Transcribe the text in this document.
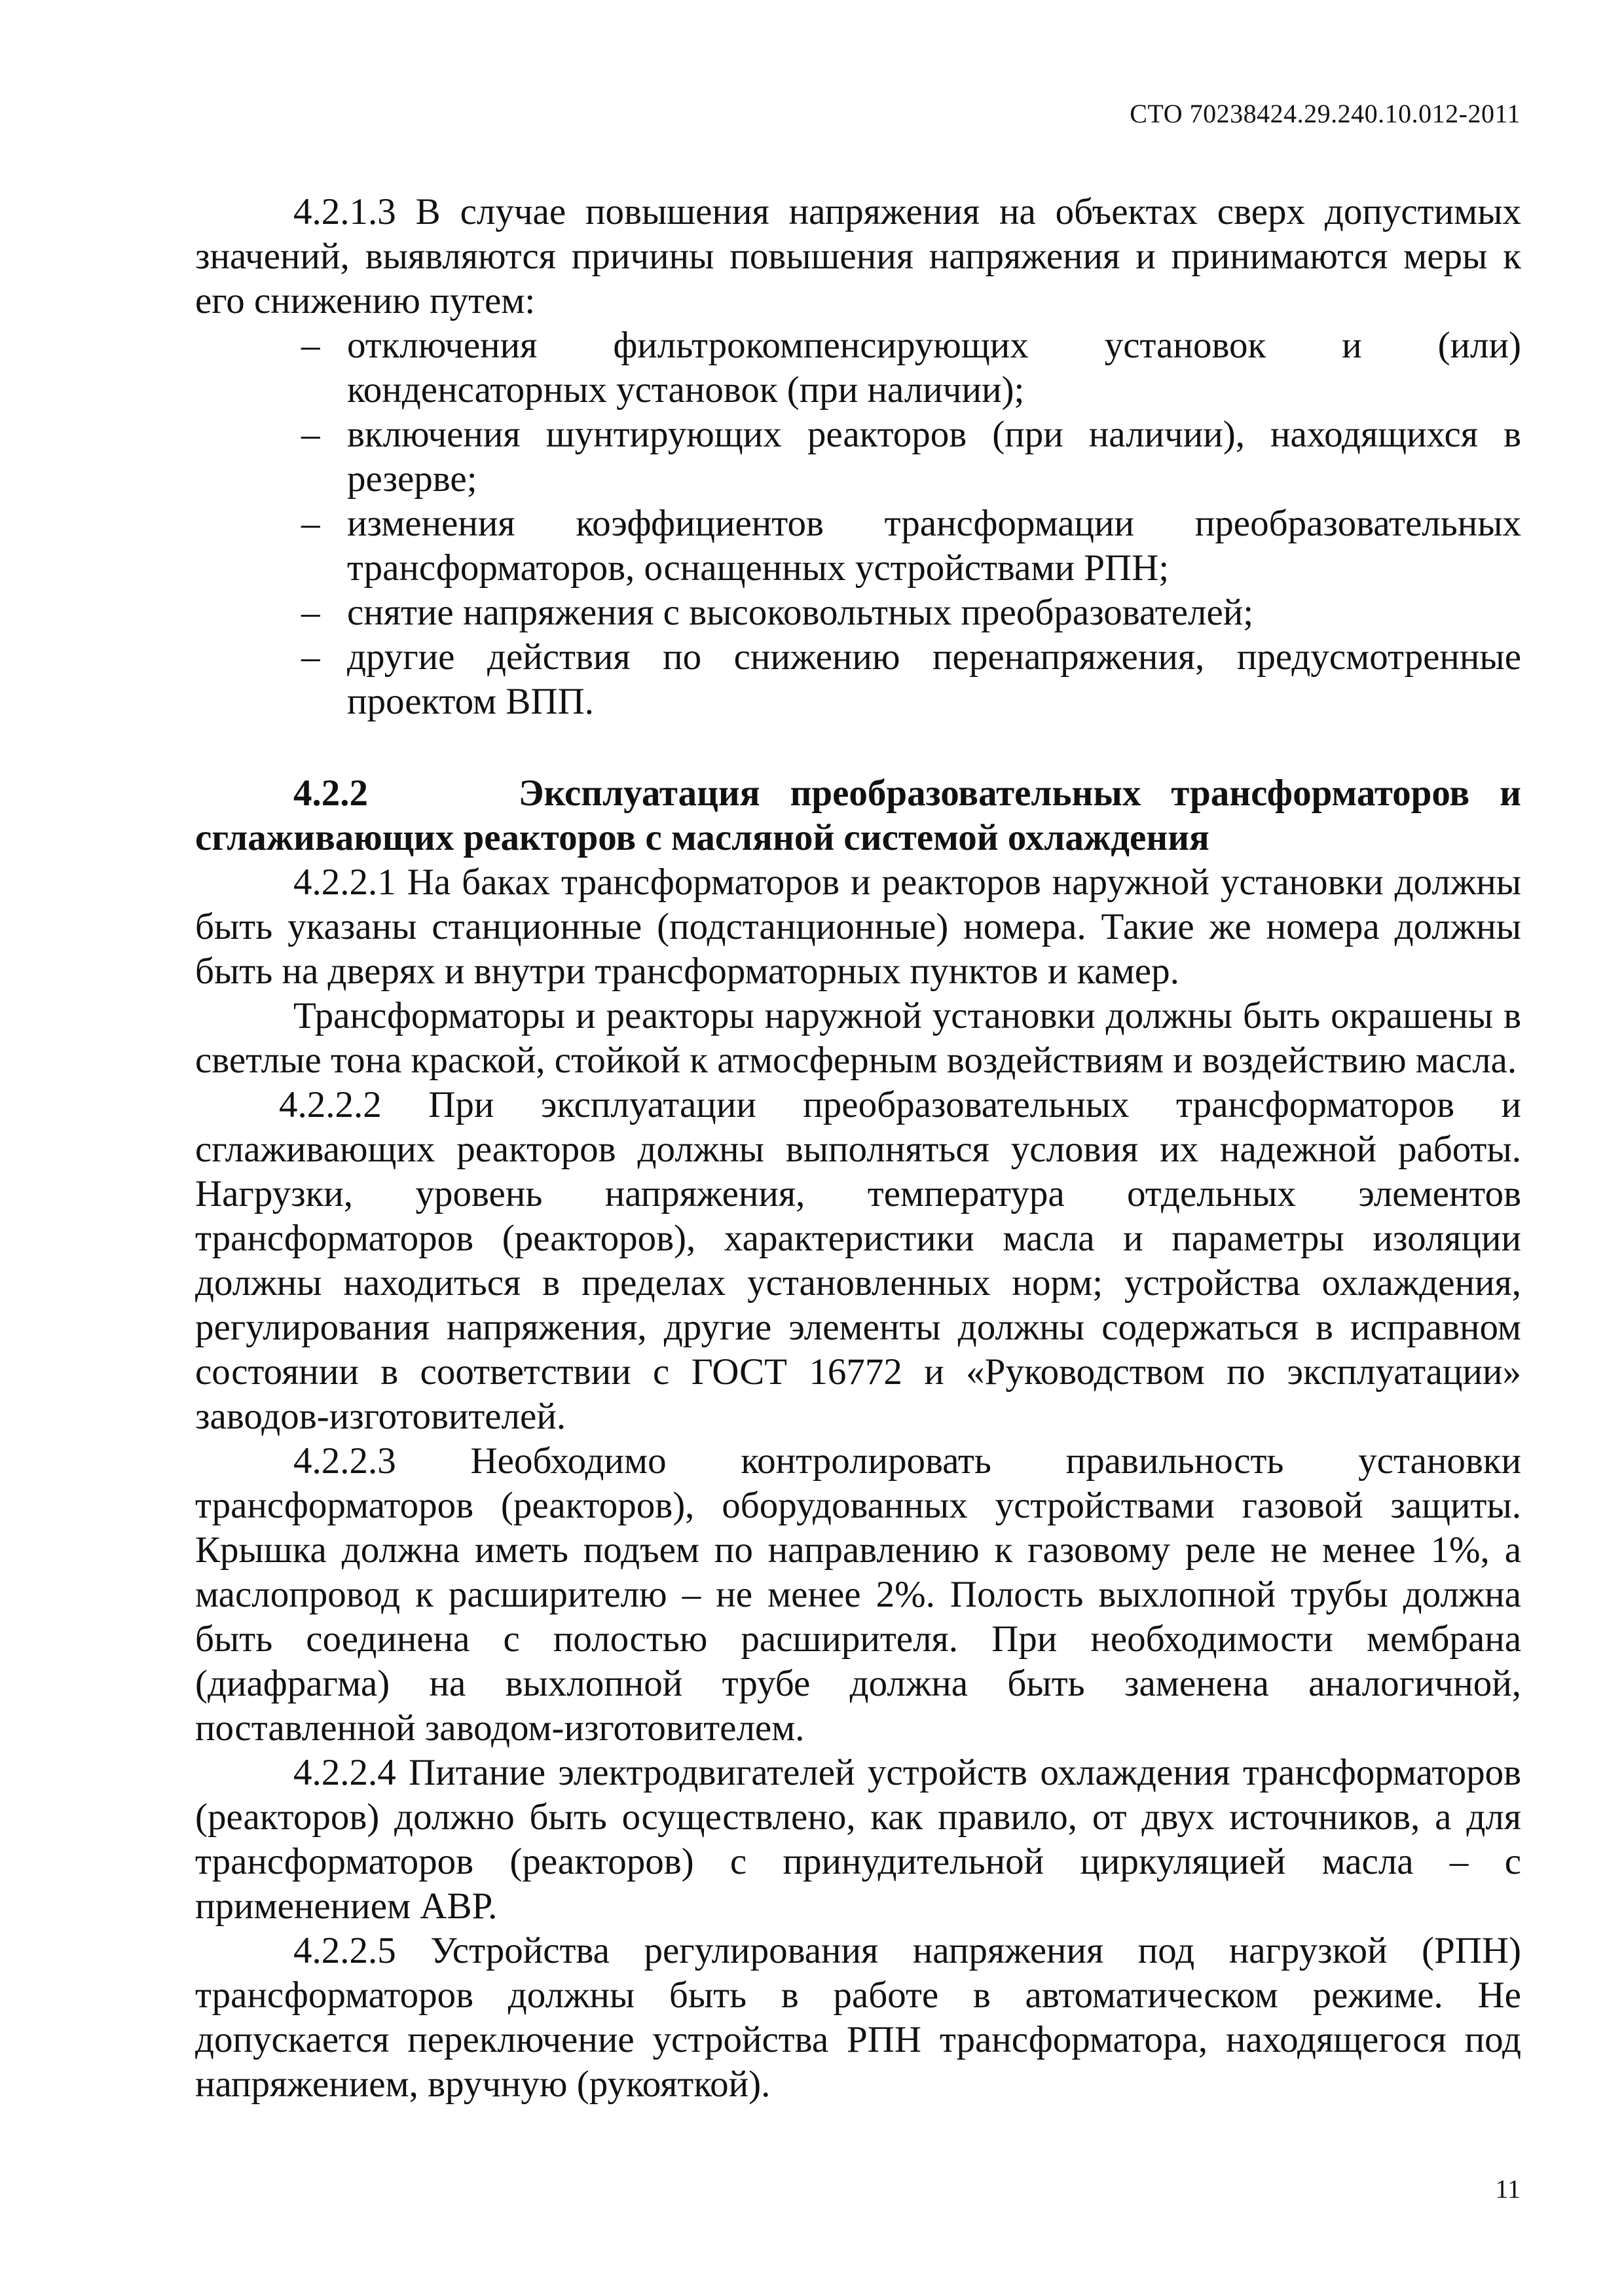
СТО 70238424.29.240.10.012-2011

4.2.1.3 В случае повышения напряжения на объектах сверх допустимых значений, выявляются причины повышения напряжения и принимаются меры к его снижению путем:

– отключения фильтрокомпенсирующих установок и (или) конденсаторных установок (при наличии);
– включения шунтирующих реакторов (при наличии), находящихся в резерве;
– изменения коэффициентов трансформации преобразовательных трансформаторов, оснащенных устройствами РПН;
– снятие напряжения с высоковольтных преобразователей;
– другие действия по снижению перенапряжения, предусмотренные проектом ВПП.

4.2.2	Эксплуатация преобразовательных трансформаторов и сглаживающих реакторов с масляной системой охлаждения

4.2.2.1 На баках трансформаторов и реакторов наружной установки должны быть указаны станционные (подстанционные) номера. Такие же номера должны быть на дверях и внутри трансформаторных пунктов и камер.

Трансформаторы и реакторы наружной установки должны быть окрашены в светлые тона краской, стойкой к атмосферным воздействиям и воздействию масла.

4.2.2.2 При эксплуатации преобразовательных трансформаторов и сглаживающих реакторов должны выполняться условия их надежной работы. Нагрузки, уровень напряжения, температура отдельных элементов трансформаторов (реакторов), характеристики масла и параметры изоляции должны находиться в пределах установленных норм; устройства охлаждения, регулирования напряжения, другие элементы должны содержаться в исправном состоянии в соответствии с ГОСТ 16772 и «Руководством по эксплуатации» заводов-изготовителей.

4.2.2.3 Необходимо контролировать правильность установки трансформаторов (реакторов), оборудованных устройствами газовой защиты. Крышка должна иметь подъем по направлению к газовому реле не менее 1%, а маслопровод к расширителю – не менее 2%. Полость выхлопной трубы должна быть соединена с полостью расширителя. При необходимости мембрана (диафрагма) на выхлопной трубе должна быть заменена аналогичной, поставленной заводом-изготовителем.

4.2.2.4 Питание электродвигателей устройств охлаждения трансформаторов (реакторов) должно быть осуществлено, как правило, от двух источников, а для трансформаторов (реакторов) с принудительной циркуляцией масла – с применением АВР.

4.2.2.5 Устройства регулирования напряжения под нагрузкой (РПН) трансформаторов должны быть в работе в автоматическом режиме. Не допускается переключение устройства РПН трансформатора, находящегося под напряжением, вручную (рукояткой).

11
